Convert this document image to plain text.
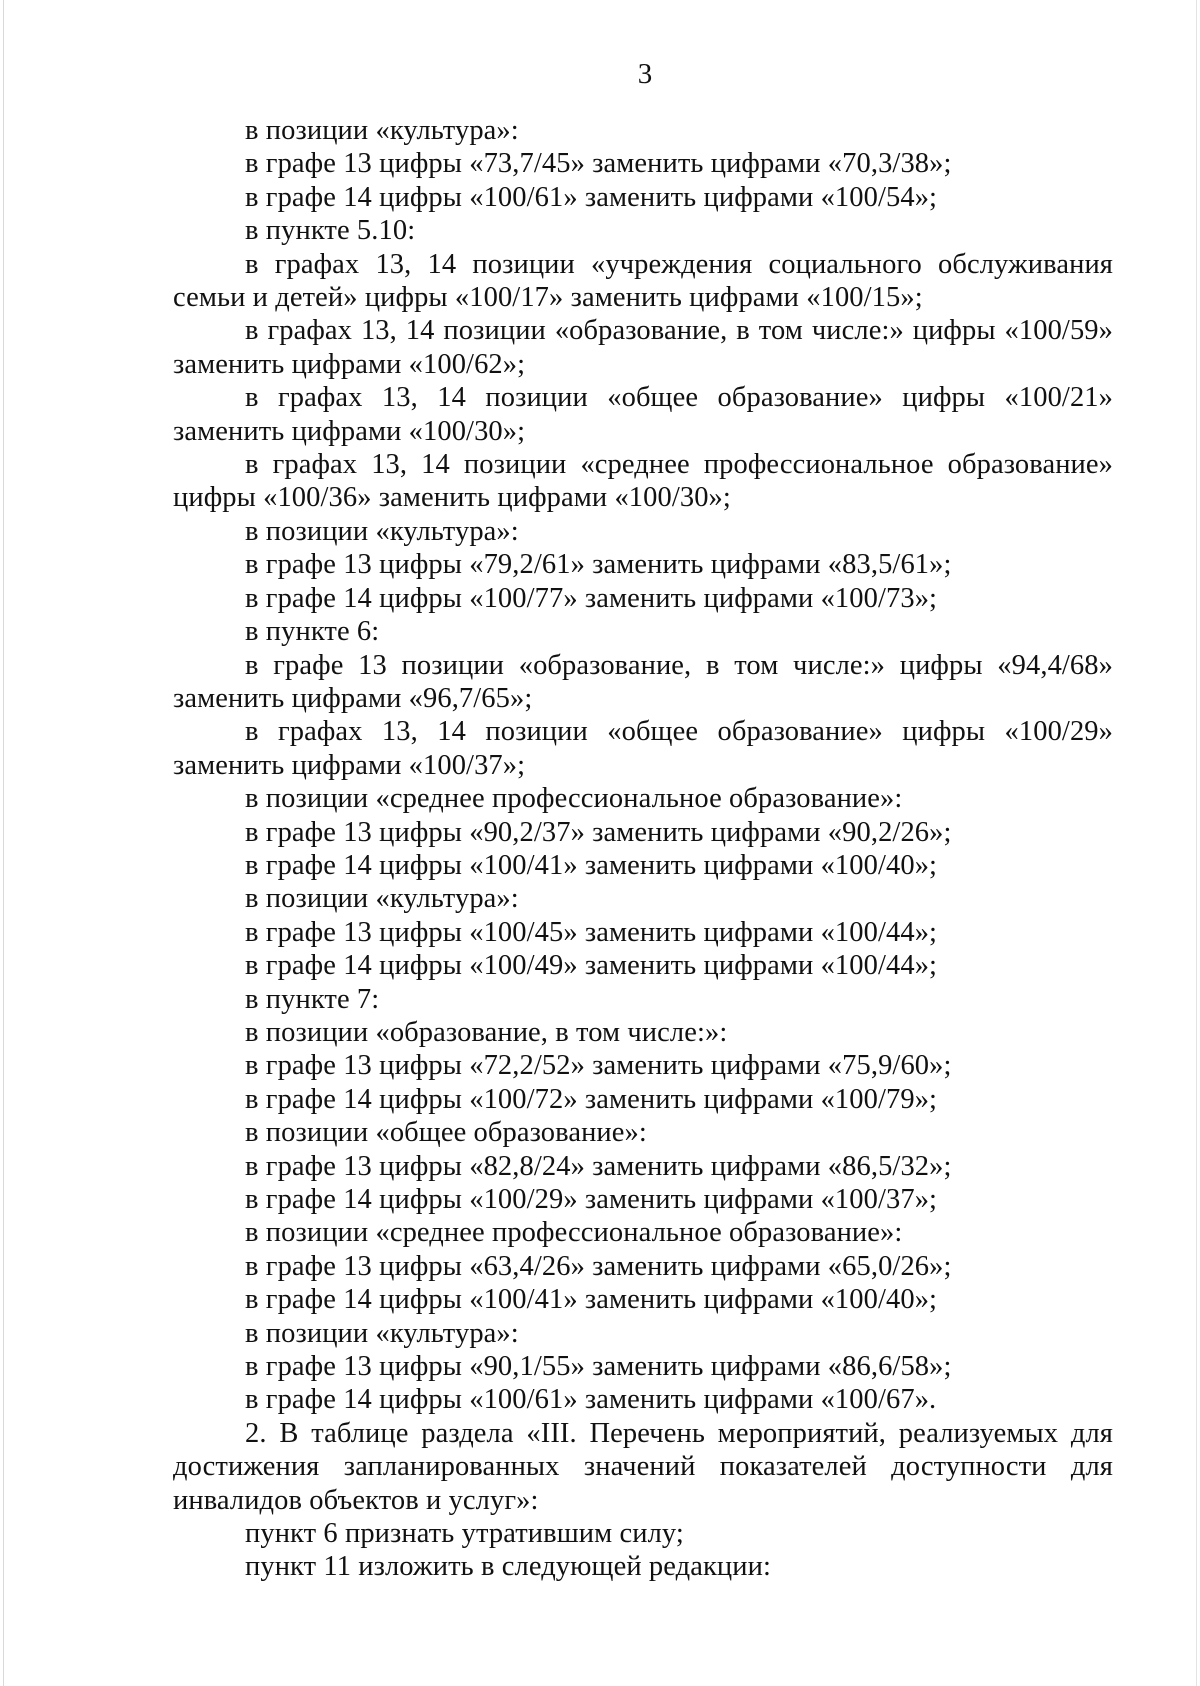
3

в позиции «культура»:

в графе 13 цифры «73,7/45» заменить цифрами «70,3/38»;

в графе 14 цифры «100/61» заменить цифрами «100/54»;

в пункте 5.10:

в графах 13, 14 позиции «учреждения социального обслуживания семьи и детей» цифры «100/17» заменить цифрами «100/15»;

в графах 13, 14 позиции «образование, в том числе:» цифры «100/59» заменить цифрами «100/62»;

в графах 13, 14 позиции «общее образование» цифры «100/21» заменить цифрами «100/30»;

в графах 13, 14 позиции «среднее профессиональное образование» цифры «100/36» заменить цифрами «100/30»;

в позиции «культура»:

в графе 13 цифры «79,2/61» заменить цифрами «83,5/61»;

в графе 14 цифры «100/77» заменить цифрами «100/73»;

в пункте 6:

в графе 13 позиции «образование, в том числе:» цифры «94,4/68» заменить цифрами «96,7/65»;

в графах 13, 14 позиции «общее образование» цифры «100/29» заменить цифрами «100/37»;

в позиции «среднее профессиональное образование»:

в графе 13 цифры «90,2/37» заменить цифрами «90,2/26»;

в графе 14 цифры «100/41» заменить цифрами «100/40»;

в позиции «культура»:

в графе 13 цифры «100/45» заменить цифрами «100/44»;

в графе 14 цифры «100/49» заменить цифрами «100/44»;

в пункте 7:

в позиции «образование, в том числе:»:

в графе 13 цифры «72,2/52» заменить цифрами «75,9/60»;

в графе 14 цифры «100/72» заменить цифрами «100/79»;

в позиции «общее образование»:

в графе 13 цифры «82,8/24» заменить цифрами «86,5/32»;

в графе 14 цифры «100/29» заменить цифрами «100/37»;

в позиции «среднее профессиональное образование»:

в графе 13 цифры «63,4/26» заменить цифрами «65,0/26»;

в графе 14 цифры «100/41» заменить цифрами «100/40»;

в позиции «культура»:

в графе 13 цифры «90,1/55» заменить цифрами «86,6/58»;

в графе 14 цифры «100/61» заменить цифрами «100/67».

2. В таблице раздела «III. Перечень мероприятий, реализуемых для достижения запланированных значений показателей доступности для инвалидов объектов и услуг»:

пункт 6 признать утратившим силу;

пункт 11 изложить в следующей редакции:
